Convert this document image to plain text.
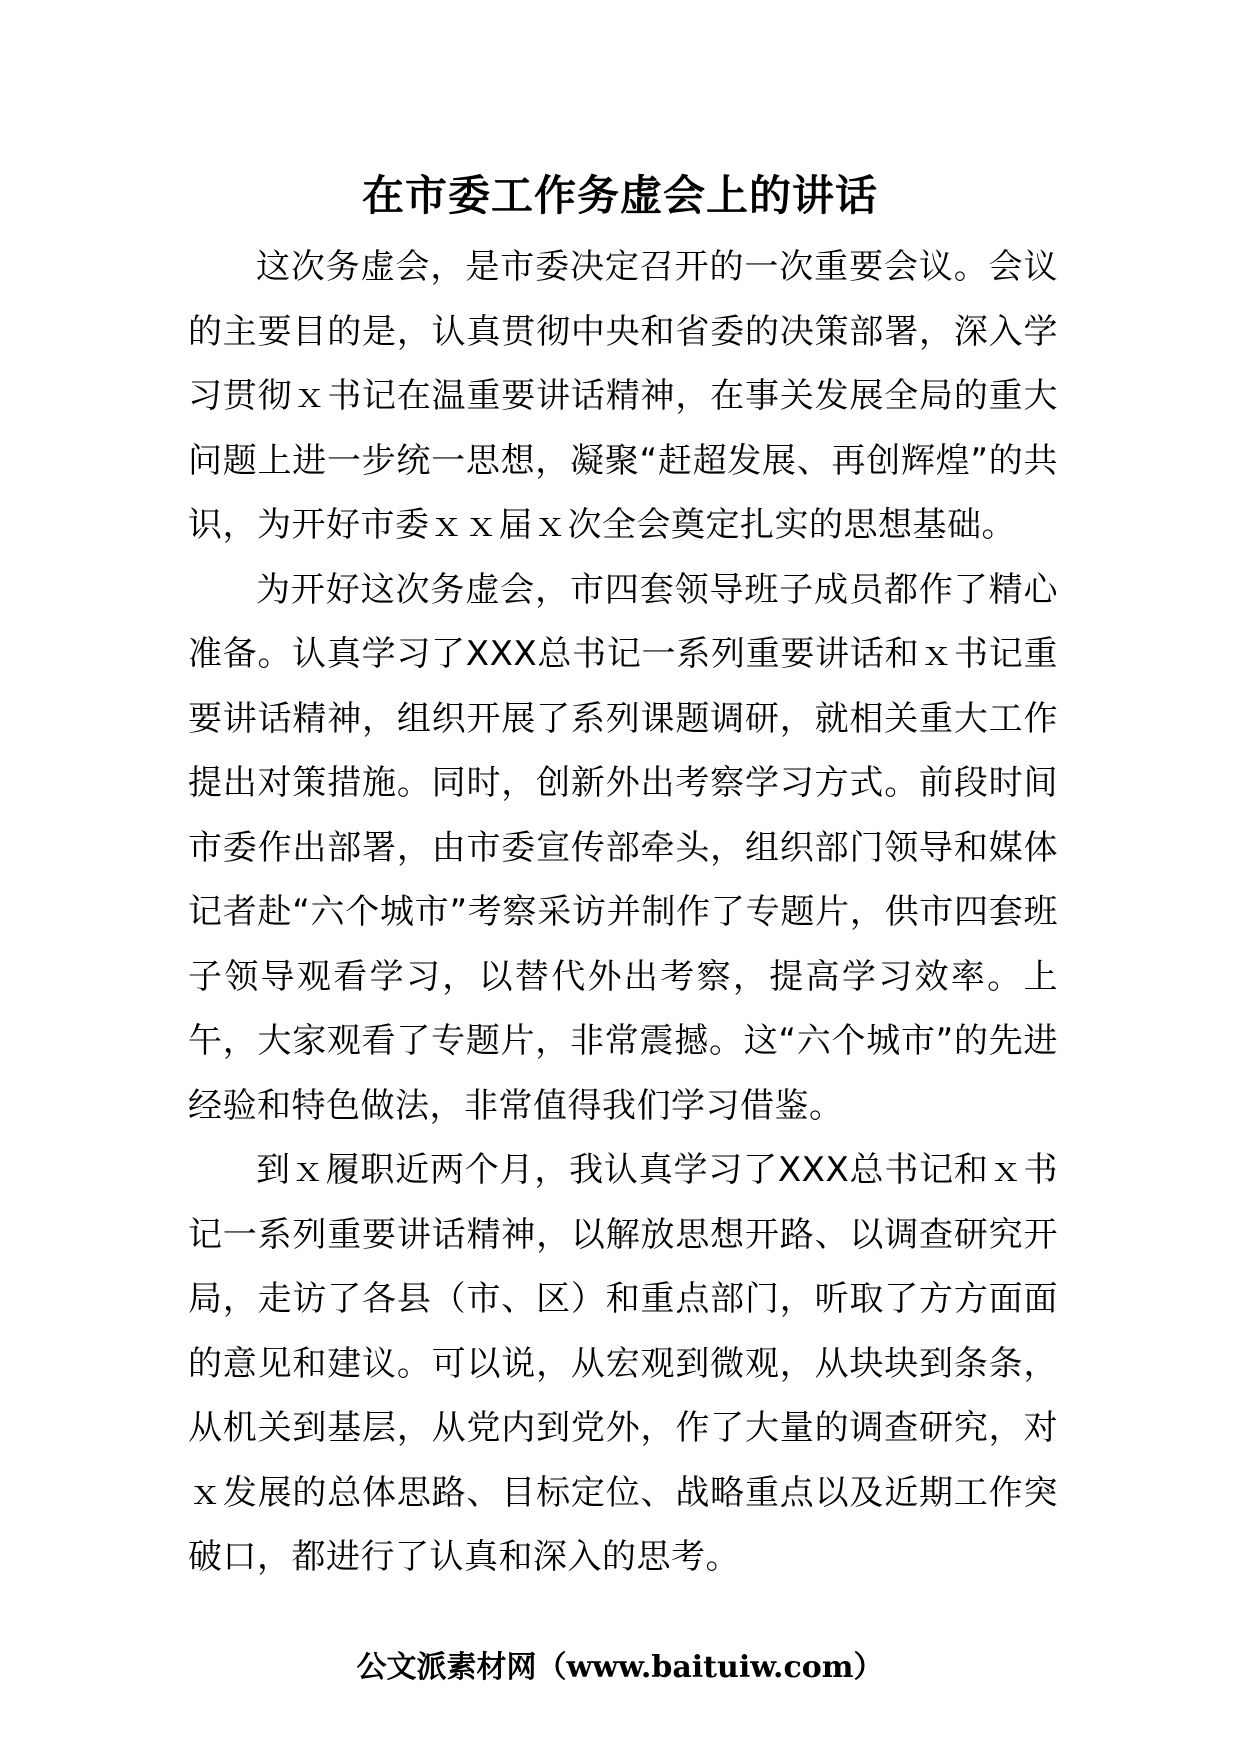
在市委工作务虚会上的讲话

这次务虚会，是市委决定召开的一次重要会议。会议的主要目的是，认真贯彻中央和省委的决策部署，深入学习贯彻ｘ书记在温重要讲话精神，在事关发展全局的重大问题上进一步统一思想，凝聚“赶超发展、再创辉煌”的共识，为开好市委ｘｘ届ｘ次全会奠定扎实的思想基础。

为开好这次务虚会，市四套领导班子成员都作了精心准备。认真学习了XXX总书记一系列重要讲话和ｘ书记重要讲话精神，组织开展了系列课题调研，就相关重大工作提出对策措施。同时，创新外出考察学习方式。前段时间市委作出部署，由市委宣传部牵头，组织部门领导和媒体记者赴“六个城市”考察采访并制作了专题片，供市四套班子领导观看学习，以替代外出考察，提高学习效率。上午，大家观看了专题片，非常震撼。这“六个城市”的先进经验和特色做法，非常值得我们学习借鉴。

到ｘ履职近两个月，我认真学习了XXX总书记和ｘ书记一系列重要讲话精神，以解放思想开路、以调查研究开局，走访了各县（市、区）和重点部门，听取了方方面面的意见和建议。可以说，从宏观到微观，从块块到条条，从机关到基层，从党内到党外，作了大量的调查研究，对ｘ发展的总体思路、目标定位、战略重点以及近期工作突破口，都进行了认真和深入的思考。

公文派素材网（www.baituiw.com）
